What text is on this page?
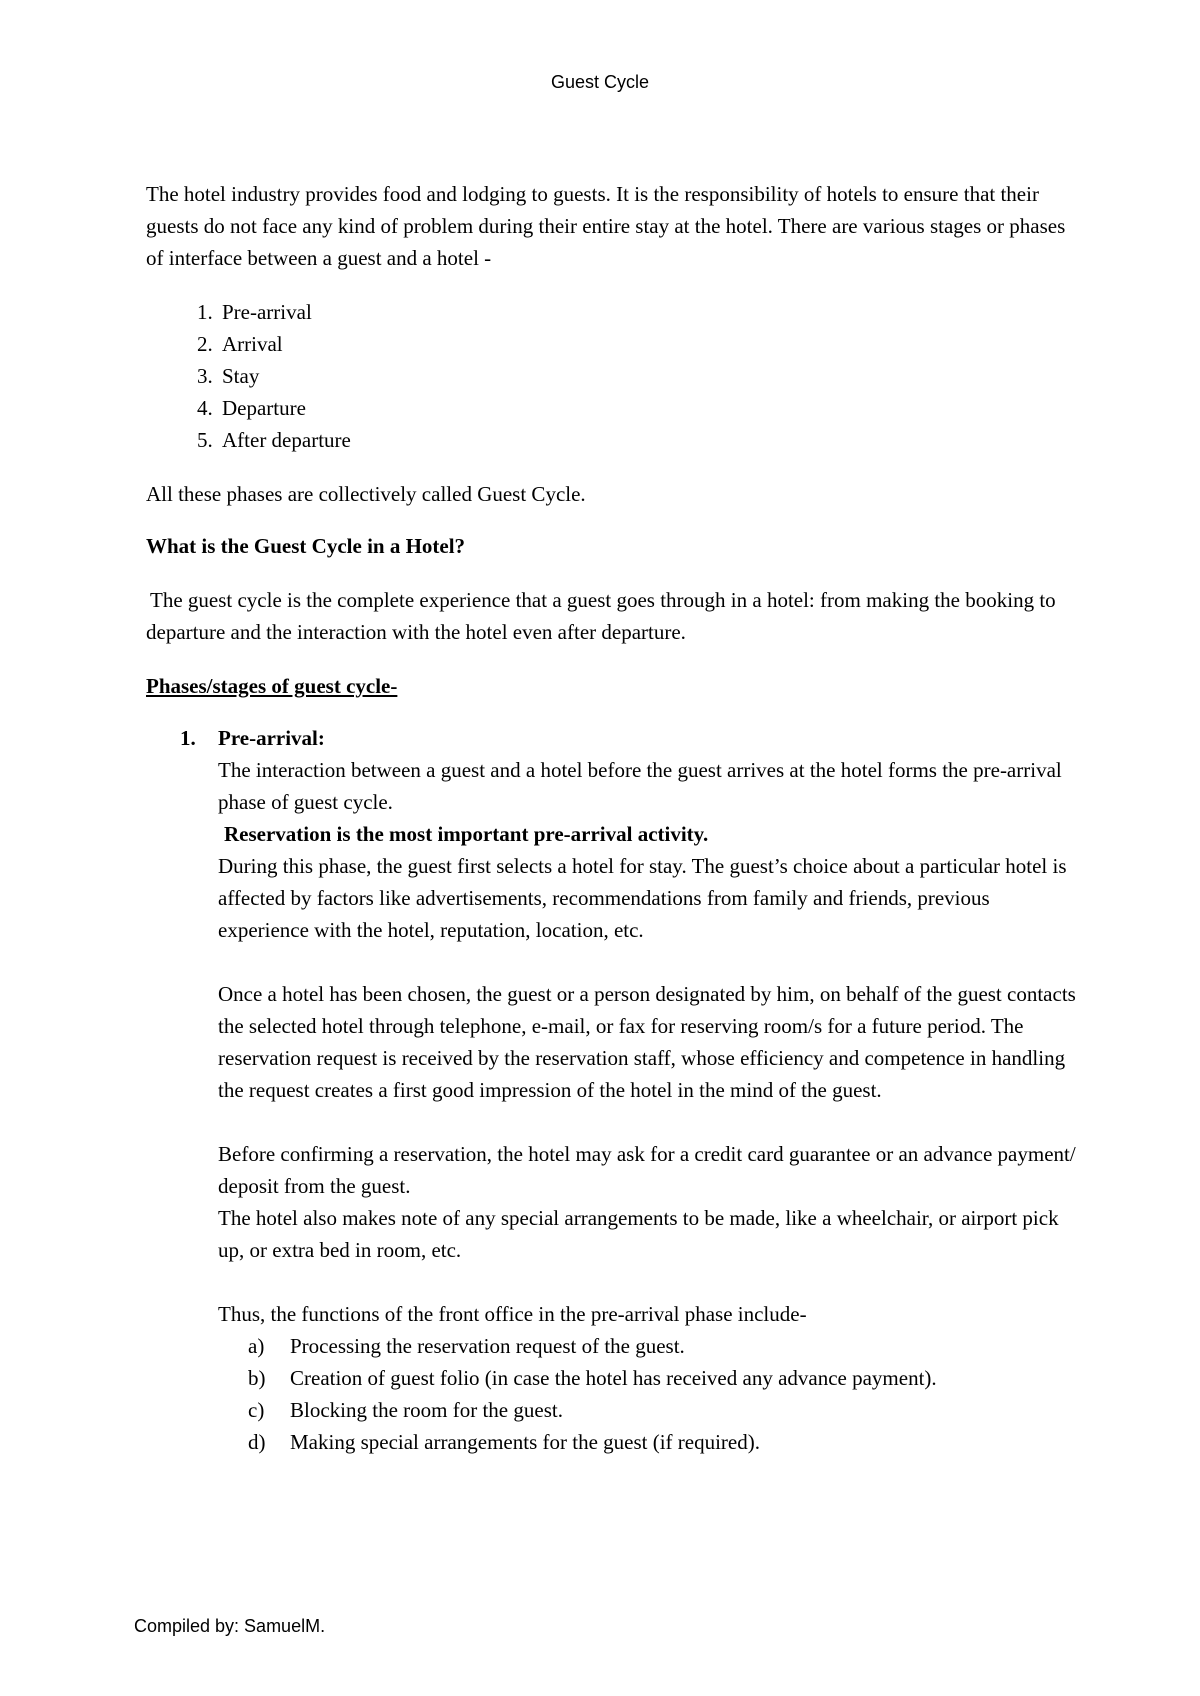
Guest Cycle

The hotel industry provides food and lodging to guests. It is the responsibility of hotels to ensure that their guests do not face any kind of problem during their entire stay at the hotel. There are various stages or phases of interface between a guest and a hotel -

1. Pre-arrival
2. Arrival
3. Stay
4. Departure
5. After departure

All these phases are collectively called Guest Cycle.

What is the Guest Cycle in a Hotel?

The guest cycle is the complete experience that a guest goes through in a hotel: from making the booking to departure and the interaction with the hotel even after departure.

Phases/stages of guest cycle-

1. Pre-arrival:

The interaction between a guest and a hotel before the guest arrives at the hotel forms the pre-arrival phase of guest cycle.

Reservation is the most important pre-arrival activity.

During this phase, the guest first selects a hotel for stay. The guest’s choice about a particular hotel is affected by factors like advertisements, recommendations from family and friends, previous experience with the hotel, reputation, location, etc.

Once a hotel has been chosen, the guest or a person designated by him, on behalf of the guest contacts the selected hotel through telephone, e-mail, or fax for reserving room/s for a future period. The reservation request is received by the reservation staff, whose efficiency and competence in handling the request creates a first good impression of the hotel in the mind of the guest.

Before confirming a reservation, the hotel may ask for a credit card guarantee or an advance payment/ deposit from the guest.

The hotel also makes note of any special arrangements to be made, like a wheelchair, or airport pick up, or extra bed in room, etc.

Thus, the functions of the front office in the pre-arrival phase include-

a) Processing the reservation request of the guest.
b) Creation of guest folio (in case the hotel has received any advance payment).
c) Blocking the room for the guest.
d) Making special arrangements for the guest (if required).
Compiled by: SamuelM.
